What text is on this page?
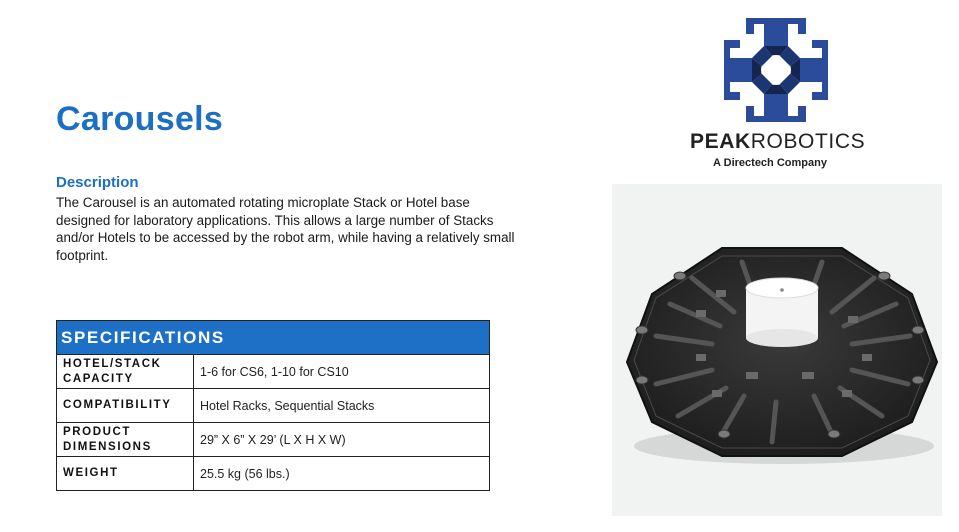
Carousels
Description
The Carousel is an automated rotating microplate Stack or Hotel base designed for laboratory applications. This allows a large number of Stacks and/or Hotels to be accessed by the robot arm, while having a relatively small footprint.
SPECIFICATIONS	
HOTEL/STACK CAPACITY	1-6 for CS6, 1-10 for CS10
COMPATIBILITY	Hotel Racks, Sequential Stacks
PRODUCT DIMENSIONS	29” X 6” X 29’ (L X H X W)
WEIGHT	25.5 kg (56 lbs.)
PEAKROBOTICS
A Directech Company
